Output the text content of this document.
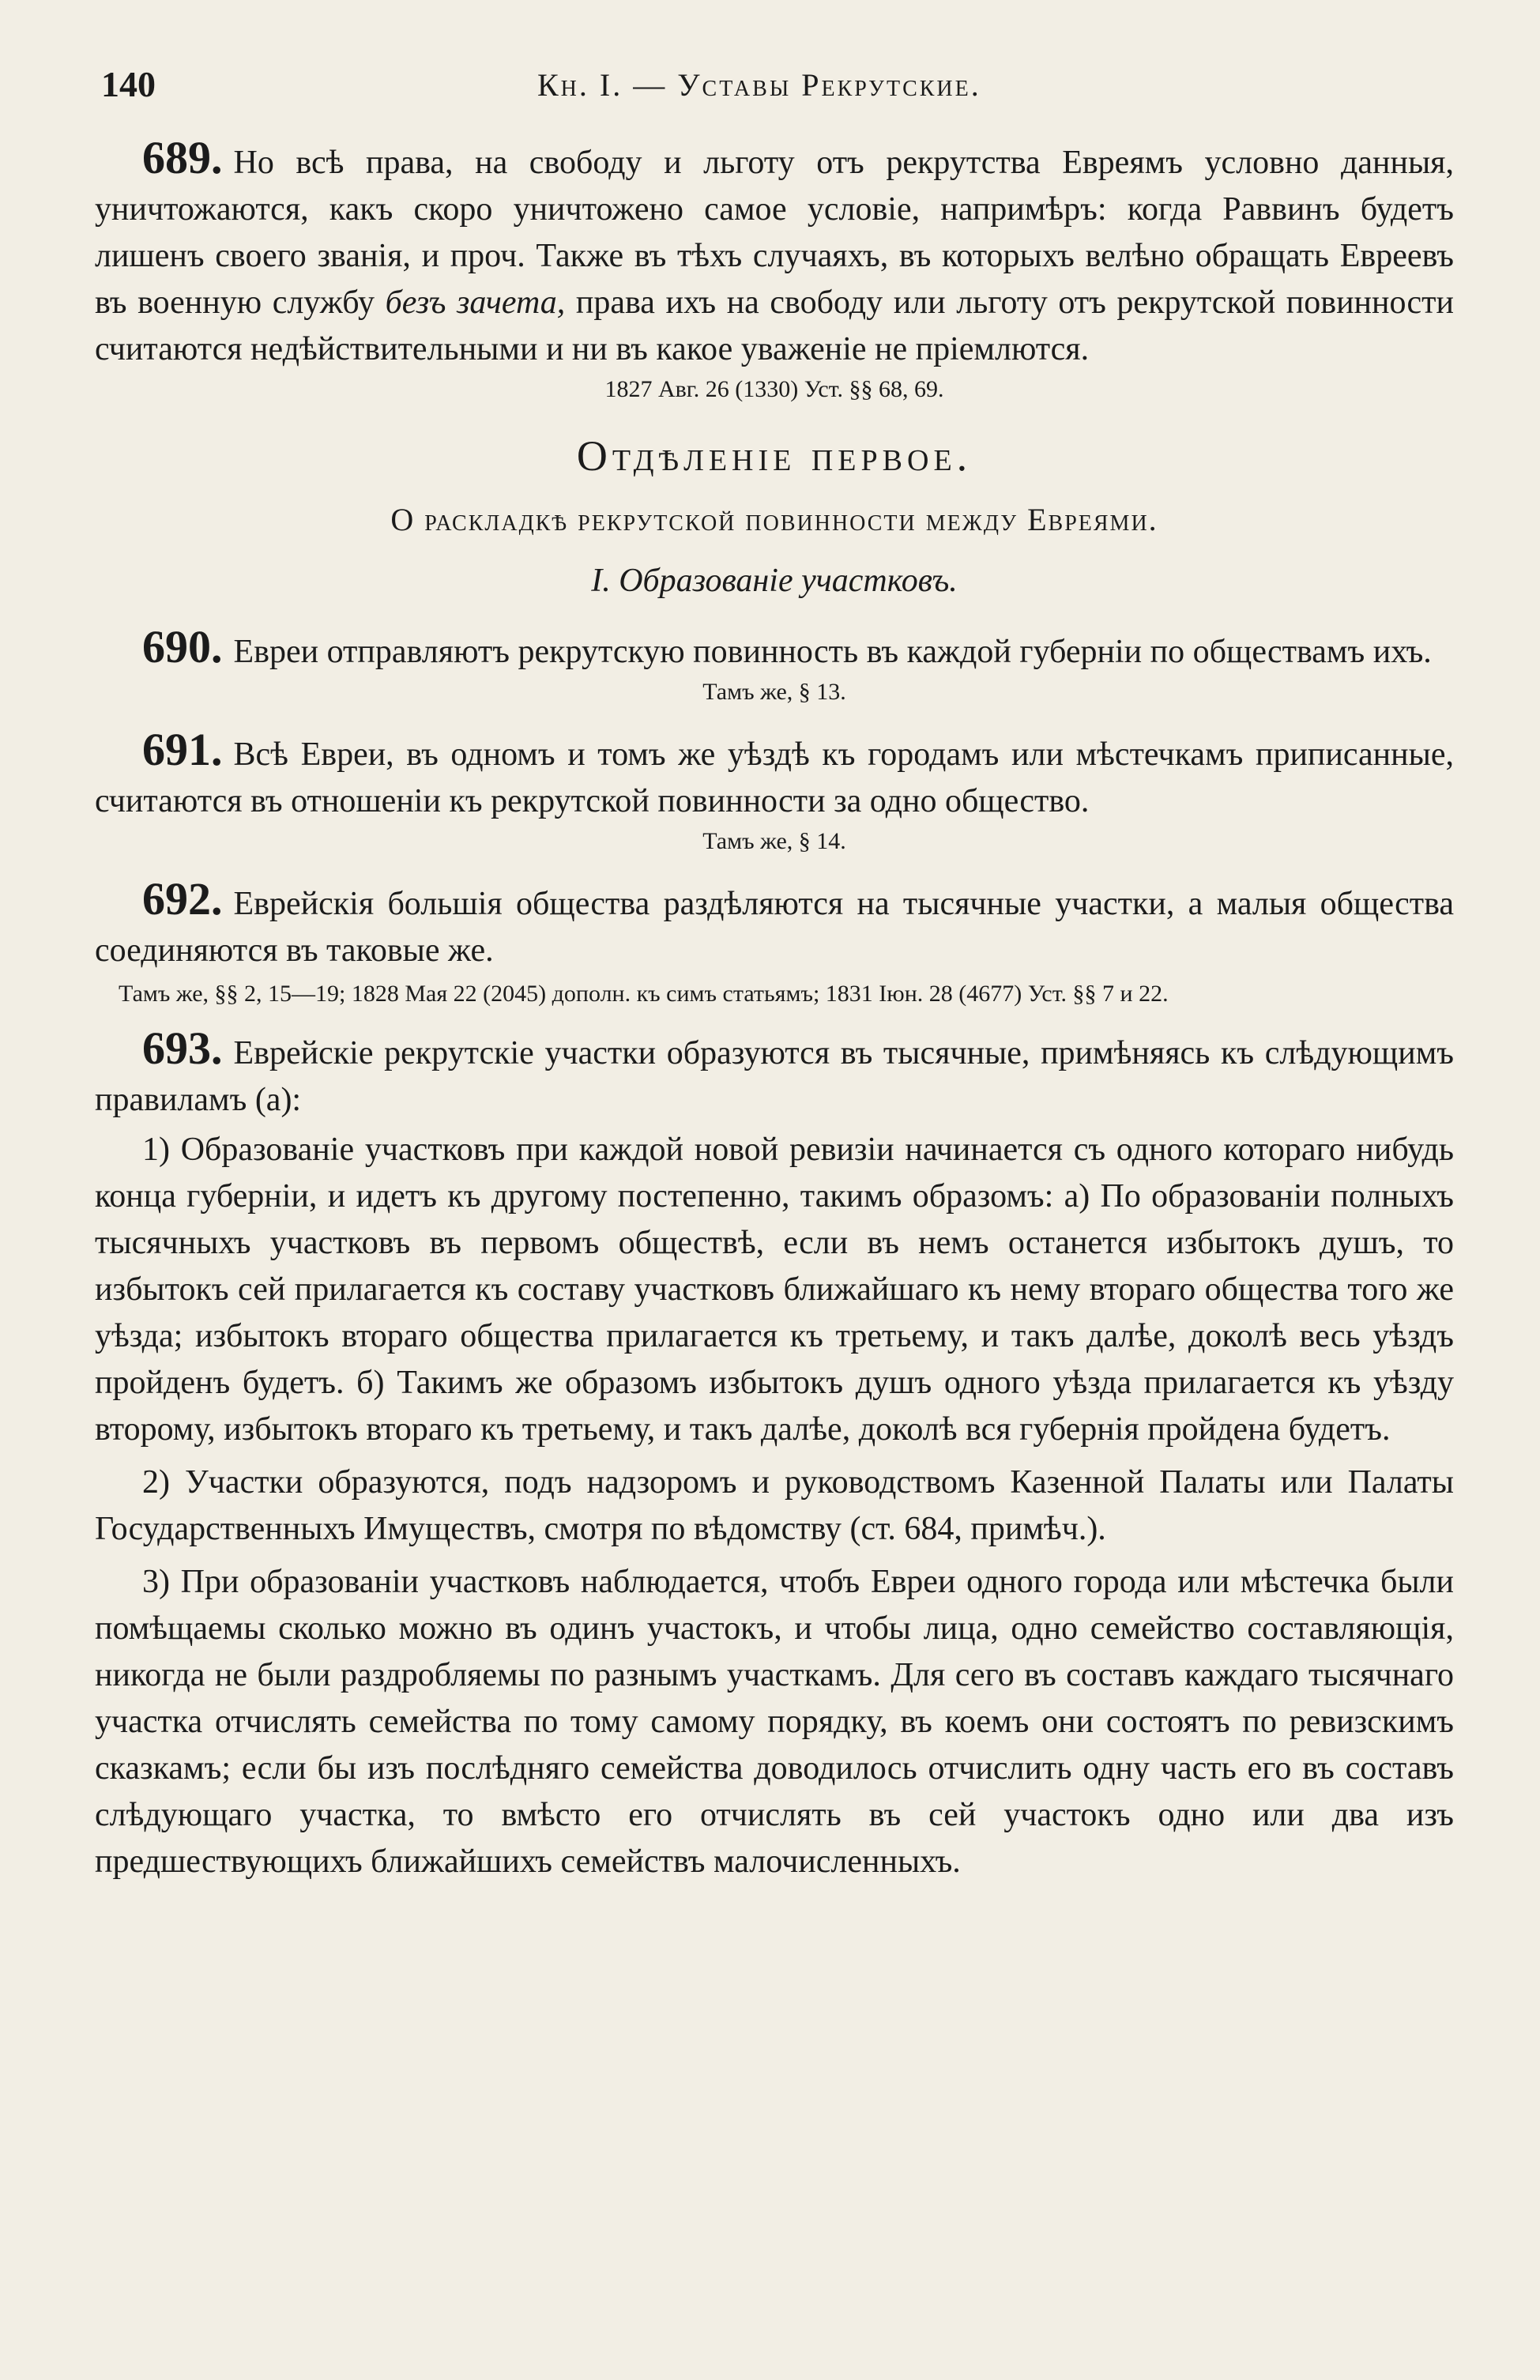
140	Кн. I. — Уставы Рекрутские.

689. Но всѣ права, на свободу и льготу отъ рекрутства Евреямъ условно данныя, уничтожаются, какъ скоро уничтожено самое условіе, напримѣръ: когда Раввинъ будетъ лишенъ своего званія, и проч. Также въ тѣхъ случаяхъ, въ которыхъ велѣно обращать Евреевъ въ военную службу безъ зачета, права ихъ на свободу или льготу отъ рекрутской повинности считаются недѣйствительными и ни въ какое уваженіе не пріемлются.

1827 Авг. 26 (1330) Уст. §§ 68, 69.

Отдѣленіе первое.

О раскладкѣ рекрутской повинности между Евреями.

I. Образованіе участковъ.

690. Евреи отправляютъ рекрутскую повинность въ каждой губерніи по обществамъ ихъ.

Тамъ же, § 13.

691. Всѣ Евреи, въ одномъ и томъ же уѣздѣ къ городамъ или мѣстечкамъ приписанные, считаются въ отношеніи къ рекрутской повинности за одно общество.

Тамъ же, § 14.

692. Еврейскія большія общества раздѣляются на тысячные участки, а малыя общества соединяются въ таковые же.

Тамъ же, §§ 2, 15—19; 1828 Мая 22 (2045) дополн. къ симъ статьямъ; 1831 Іюн. 28 (4677) Уст. §§ 7 и 22.

693. Еврейскіе рекрутскіе участки образуются въ тысячные, примѣняясь къ слѣдующимъ правиламъ (а):

1) Образованіе участковъ при каждой новой ревизіи начинается съ одного котораго нибудь конца губерніи, и идетъ къ другому постепенно, такимъ образомъ: а) По образованіи полныхъ тысячныхъ участковъ въ первомъ обществѣ, если въ немъ останется избытокъ душъ, то избытокъ сей прилагается къ составу участковъ ближайшаго къ нему втораго общества того же уѣзда; избытокъ втораго общества прилагается къ третьему, и такъ далѣе, доколѣ весь уѣздъ пройденъ будетъ. б) Такимъ же образомъ избытокъ душъ одного уѣзда прилагается къ уѣзду второму, избытокъ втораго къ третьему, и такъ далѣе, доколѣ вся губернія пройдена будетъ.

2) Участки образуются, подъ надзоромъ и руководствомъ Казенной Палаты или Палаты Государственныхъ Имуществъ, смотря по вѣдомству (ст. 684, примѣч.).

3) При образованіи участковъ наблюдается, чтобъ Евреи одного города или мѣстечка были помѣщаемы сколько можно въ одинъ участокъ, и чтобы лица, одно семейство составляющія, никогда не были раздробляемы по разнымъ участкамъ. Для сего въ составъ каждаго тысячнаго участка отчислять семейства по тому самому порядку, въ коемъ они состоятъ по ревизскимъ сказкамъ; если бы изъ послѣдняго семейства доводилось отчислить одну часть его въ составъ слѣдующаго участка, то вмѣсто его отчислять въ сей участокъ одно или два изъ предшествующихъ ближайшихъ семействъ малочисленныхъ.
